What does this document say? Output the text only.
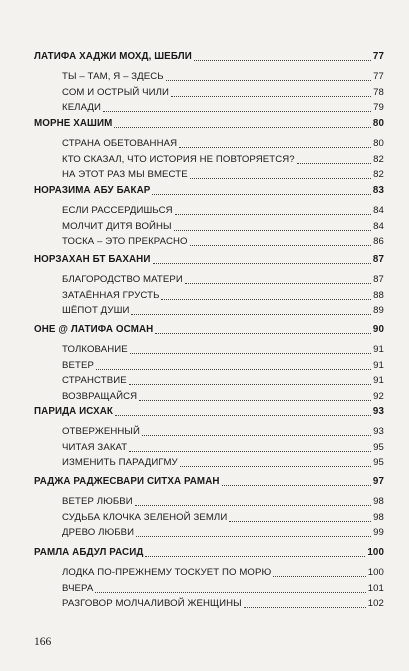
ЛАТИФА ХАДЖИ МОХД, ШЕБЛИ	77
ТЫ – ТАМ, Я – ЗДЕСЬ	77
СОМ И ОСТРЫЙ ЧИЛИ	78
КЕЛАДИ	79
МОРНЕ ХАШИМ	80
СТРАНА ОБЕТОВАННАЯ	80
КТО СКАЗАЛ, ЧТО ИСТОРИЯ НЕ ПОВТОРЯЕТСЯ?	82
НА ЭТОТ РАЗ МЫ ВМЕСТЕ	82
НОРАЗИМА АБУ БАКАР	83
ЕСЛИ РАССЕРДИШЬСЯ	84
МОЛЧИТ ДИТЯ ВОЙНЫ	84
ТОСКА – ЭТО ПРЕКРАСНО	86
НОРЗАХАН БТ БАХАНИ	87
БЛАГОРОДСТВО МАТЕРИ	87
ЗАТАЁННАЯ ГРУСТЬ	88
ШЁПОТ ДУШИ	89
ОНЕ @ ЛАТИФА ОСМАН	90
ТОЛКОВАНИЕ	91
ВЕТЕР	91
СТРАНСТВИЕ	91
ВОЗВРАЩАЙСЯ	92
ПАРИДА ИСХАК	93
ОТВЕРЖЕННЫЙ	93
ЧИТАЯ ЗАКАТ	95
ИЗМЕНИТЬ ПАРАДИГМУ	95
РАДЖА РАДЖЕСВАРИ СИТХА РАМАН	97
ВЕТЕР ЛЮБВИ	98
СУДЬБА КЛОЧКА ЗЕЛЕНОЙ ЗЕМЛИ	98
ДРЕВО ЛЮБВИ	99
РАМЛА АБДУЛ РАСИД	100
ЛОДКА ПО-ПРЕЖНЕМУ ТОСКУЕТ ПО МОРЮ	100
ВЧЕРА	101
РАЗГОВОР МОЛЧАЛИВОЙ ЖЕНЩИНЫ	102
166
